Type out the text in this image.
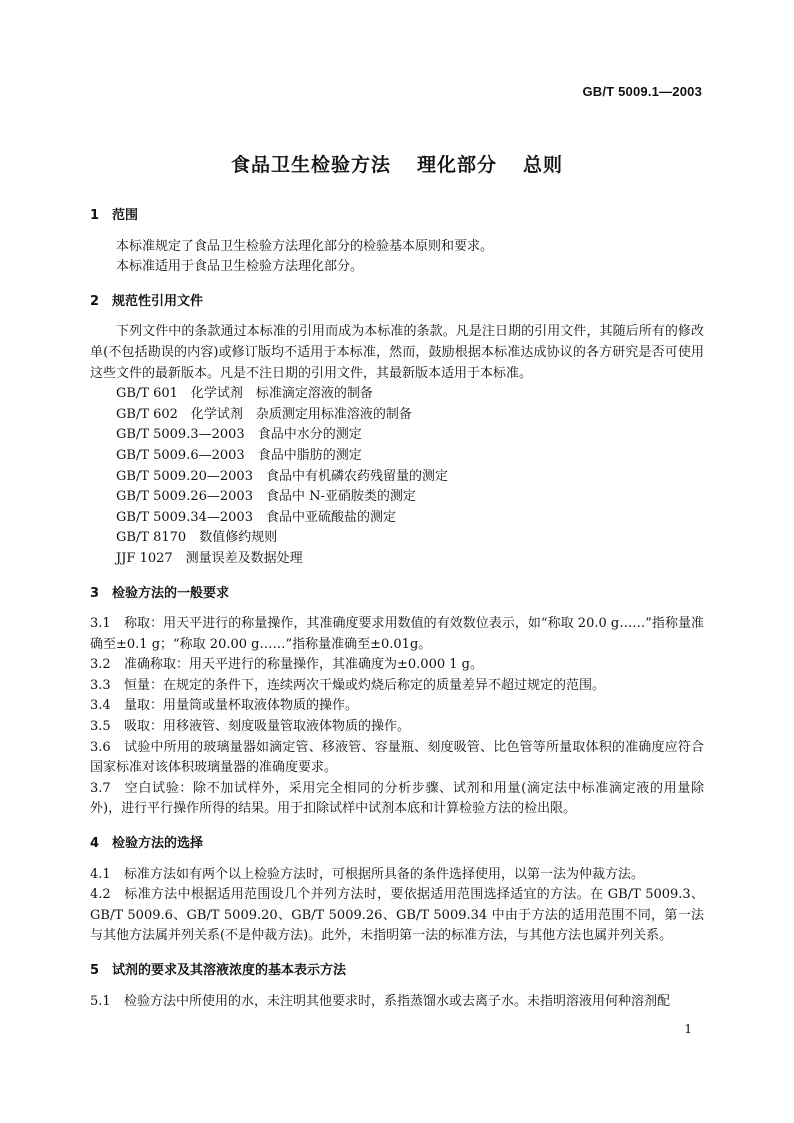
GB/T 5009.1—2003
食品卫生检验方法 理化部分 总则

1 范围

本标准规定了食品卫生检验方法理化部分的检验基本原则和要求。

本标准适用于食品卫生检验方法理化部分。

2 规范性引用文件

下列文件中的条款通过本标准的引用而成为本标准的条款。凡是注日期的引用文件，其随后所有的修改单(不包括勘误的内容)或修订版均不适用于本标准，然而，鼓励根据本标准达成协议的各方研究是否可使用这些文件的最新版本。凡是不注日期的引用文件，其最新版本适用于本标准。

GB/T 601　化学试剂　标准滴定溶液的制备

GB/T 602　化学试剂　杂质测定用标准溶液的制备

GB/T 5009.3—2003　食品中水分的测定

GB/T 5009.6—2003　食品中脂肪的测定

GB/T 5009.20—2003　食品中有机磷农药残留量的测定

GB/T 5009.26—2003　食品中 N-亚硝胺类的测定

GB/T 5009.34—2003　食品中亚硫酸盐的测定

GB/T 8170　数值修约规则

JJF 1027　测量误差及数据处理

3 检验方法的一般要求

3.1 称取：用天平进行的称量操作，其准确度要求用数值的有效数位表示，如“称取 20.0 g……”指称量准确至±0.1 g；“称取 20.00 g……”指称量准确至±0.01g。

3.2 准确称取：用天平进行的称量操作，其准确度为±0.000 1 g。

3.3 恒量：在规定的条件下，连续两次干燥或灼烧后称定的质量差异不超过规定的范围。

3.4 量取：用量筒或量杯取液体物质的操作。

3.5 吸取：用移液管、刻度吸量管取液体物质的操作。

3.6 试验中所用的玻璃量器如滴定管、移液管、容量瓶、刻度吸管、比色管等所量取体积的准确度应符合国家标准对该体积玻璃量器的准确度要求。

3.7 空白试验：除不加试样外，采用完全相同的分析步骤、试剂和用量(滴定法中标准滴定液的用量除外)，进行平行操作所得的结果。用于扣除试样中试剂本底和计算检验方法的检出限。

4 检验方法的选择

4.1 标准方法如有两个以上检验方法时，可根据所具备的条件选择使用，以第一法为仲裁方法。

4.2 标准方法中根据适用范围设几个并列方法时，要依据适用范围选择适宜的方法。在 GB/T 5009.3、GB/T 5009.6、GB/T 5009.20、GB/T 5009.26、GB/T 5009.34 中由于方法的适用范围不同，第一法与其他方法属并列关系(不是仲裁方法)。此外，未指明第一法的标准方法，与其他方法也属并列关系。

5 试剂的要求及其溶液浓度的基本表示方法

5.1 检验方法中所使用的水，未注明其他要求时，系指蒸馏水或去离子水。未指明溶液用何种溶剂配

1
